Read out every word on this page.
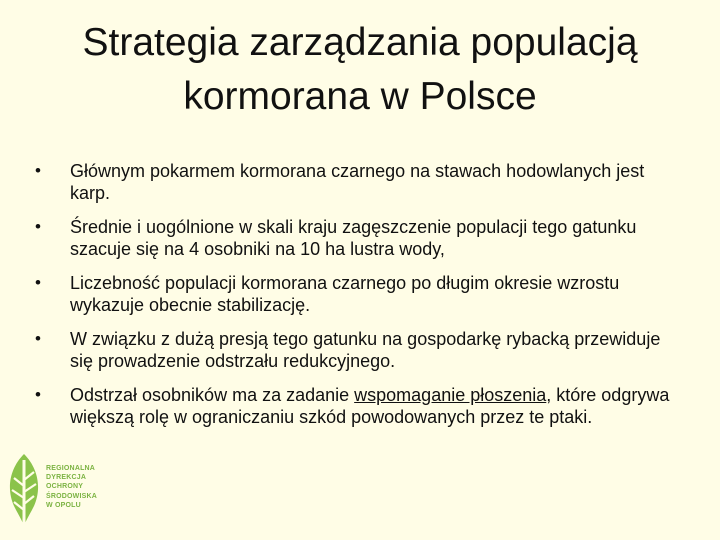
Strategia zarządzania populacją
kormorana w Polsce
•	Głównym pokarmem kormorana czarnego na stawach hodowlanych jest karp.
•	Średnie i uogólnione w skali kraju zagęszczenie populacji tego gatunku szacuje się na 4 osobniki na 10 ha lustra wody,
•	Liczebność populacji kormorana czarnego po długim okresie wzrostu wykazuje obecnie stabilizację.
•	W związku z dużą presją tego gatunku na gospodarkę rybacką przewiduje się prowadzenie odstrzału redukcyjnego.
•	Odstrzał osobników ma za zadanie wspomaganie płoszenia, które odgrywa większą rolę w ograniczaniu szkód powodowanych przez te ptaki.
REGIONALNA
DYREKCJA
OCHRONY
ŚRODOWISKA
W OPOLU
